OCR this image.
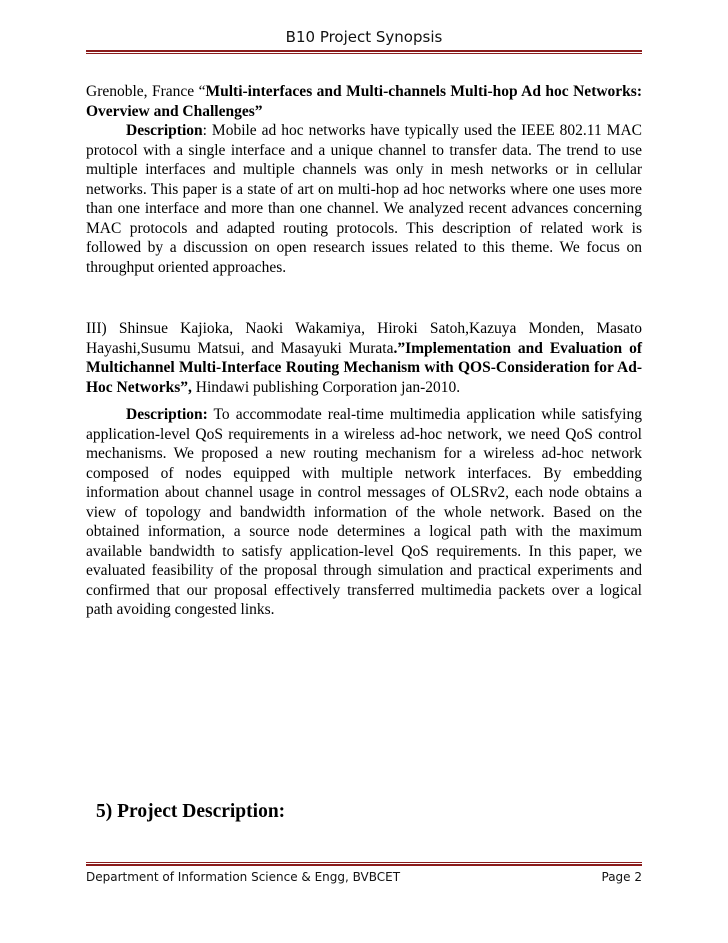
B10 Project Synopsis

Grenoble, France “Multi-interfaces and Multi-channels Multi-hop Ad hoc Networks: Overview and Challenges”

Description: Mobile ad hoc networks have typically used the IEEE 802.11 MAC protocol with a single interface and a unique channel to transfer data. The trend to use multiple interfaces and multiple channels was only in mesh networks or in cellular networks. This paper is a state of art on multi-hop ad hoc networks where one uses more than one interface and more than one channel. We analyzed recent advances concerning MAC protocols and adapted routing protocols. This description of related work is followed by a discussion on open research issues related to this theme. We focus on throughput oriented approaches.

III) Shinsue Kajioka, Naoki Wakamiya, Hiroki Satoh,Kazuya Monden, Masato Hayashi,Susumu Matsui, and Masayuki Murata.”Implementation and Evaluation of Multichannel Multi-Interface Routing Mechanism with QOS-Consideration for Ad-Hoc Networks”, Hindawi publishing Corporation jan-2010.

Description: To accommodate real-time multimedia application while satisfying application-level QoS requirements in a wireless ad-hoc network, we need QoS control mechanisms. We proposed a new routing mechanism for a wireless ad-hoc network composed of nodes equipped with multiple network interfaces. By embedding information about channel usage in control messages of OLSRv2, each node obtains a view of topology and bandwidth information of the whole network. Based on the obtained information, a source node determines a logical path with the maximum available bandwidth to satisfy application-level QoS requirements. In this paper, we evaluated feasibility of the proposal through simulation and practical experiments and confirmed that our proposal effectively transferred multimedia packets over a logical path avoiding congested links.

5) Project Description:
Department of Information Science & Engg, BVBCET	Page 2
